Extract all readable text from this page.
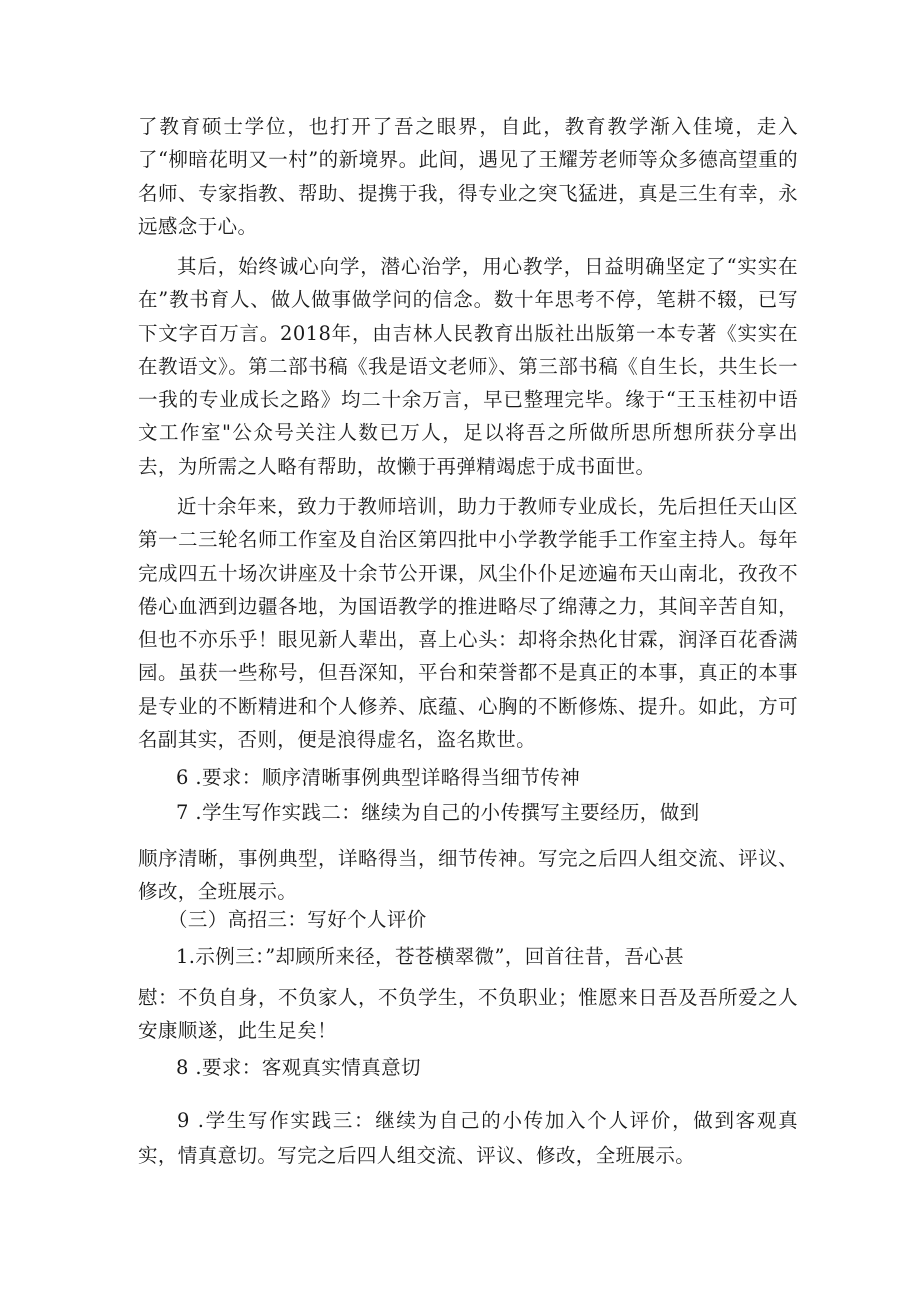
了教育硕士学位，也打开了吾之眼界，自此，教育教学渐入佳境，走入了“柳暗花明又一村”的新境界。此间，遇见了王耀芳老师等众多德高望重的名师、专家指教、帮助、提携于我，得专业之突飞猛进，真是三生有幸，永远感念于心。

其后，始终诚心向学，潜心治学，用心教学，日益明确坚定了“实实在在”教书育人、做人做事做学问的信念。数十年思考不停，笔耕不辍，已写下文字百万言。2018年，由吉林人民教育出版社出版第一本专著《实实在在教语文》。第二部书稿《我是语文老师》、第三部书稿《自生长，共生长一一我的专业成长之路》均二十余万言，早已整理完毕。缘于“王玉桂初中语文工作室"公众号关注人数已万人，足以将吾之所做所思所想所获分享出去，为所需之人略有帮助，故懒于再弹精竭虑于成书面世。

近十余年来，致力于教师培训，助力于教师专业成长，先后担任天山区第一二三轮名师工作室及自治区第四批中小学教学能手工作室主持人。每年完成四五十场次讲座及十余节公开课，风尘仆仆足迹遍布天山南北，孜孜不倦心血洒到边疆各地，为国语教学的推进略尽了绵薄之力，其间辛苦自知，但也不亦乐乎！眼见新人辈出，喜上心头：却将余热化甘霖，润泽百花香满园。虽获一些称号，但吾深知，平台和荣誉都不是真正的本事，真正的本事是专业的不断精进和个人修养、底蕴、心胸的不断修炼、提升。如此，方可名副其实，否则，便是浪得虚名，盗名欺世。

6 .要求：顺序清晰事例典型详略得当细节传神
7 .学生写作实践二：继续为自己的小传撰写主要经历，做到

顺序清晰，事例典型，详略得当，细节传神。写完之后四人组交流、评议、修改，全班展示。

（三）高招三：写好个人评价
1.示例三：”却顾所来径，苍苍横翠微”，回首往昔，吾心甚

慰：不负自身，不负家人，不负学生，不负职业；惟愿来日吾及吾所爱之人安康顺遂，此生足矣！

8 .要求：客观真实情真意切

9 .学生写作实践三：继续为自己的小传加入个人评价，做到客观真实，情真意切。写完之后四人组交流、评议、修改，全班展示。
